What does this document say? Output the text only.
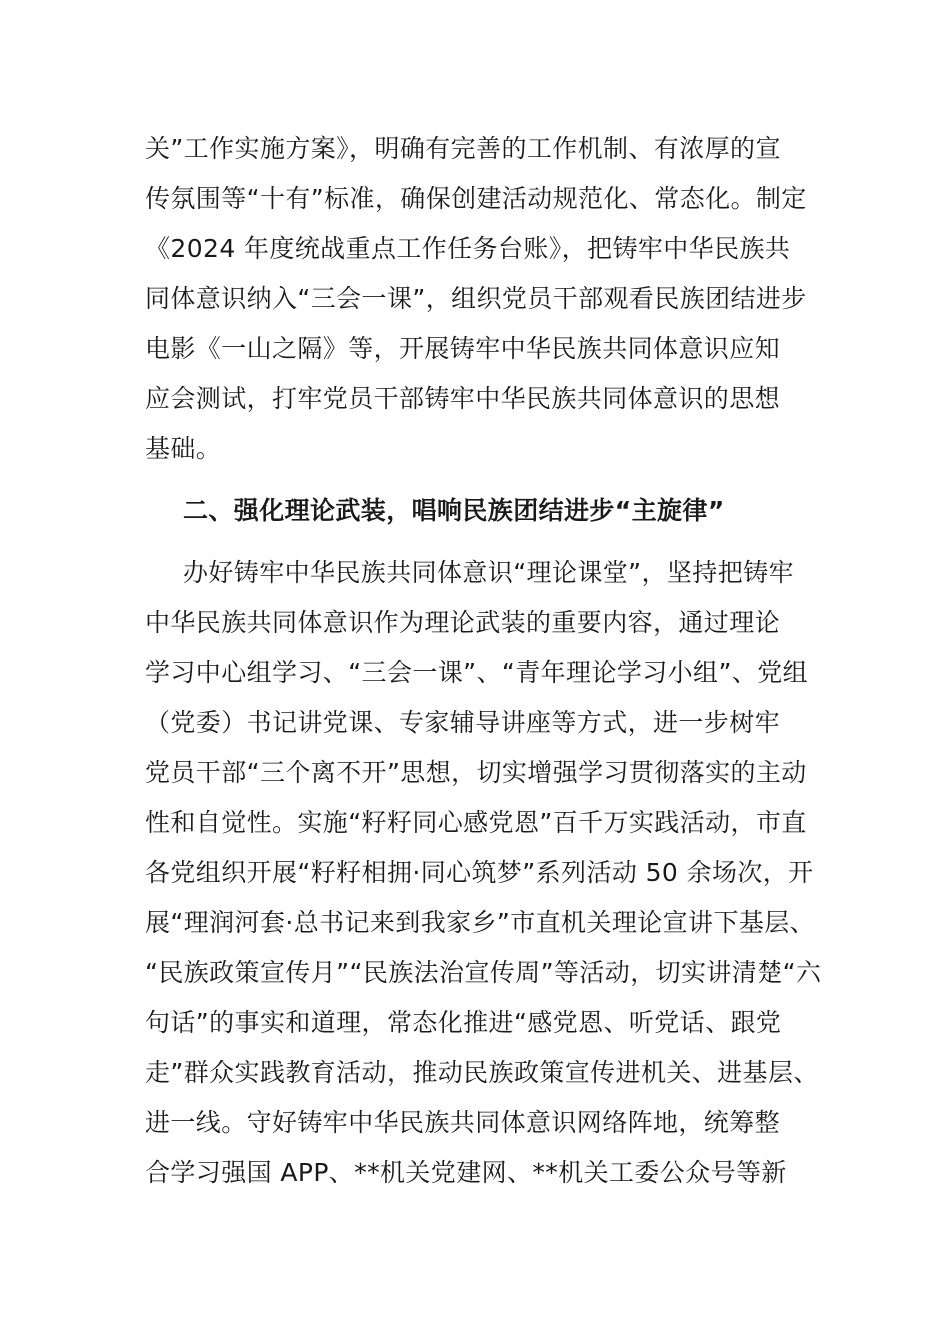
关”工作实施方案》，明确有完善的工作机制、有浓厚的宣
传氛围等“十有”标准，确保创建活动规范化、常态化。制定
《2024 年度统战重点工作任务台账》，把铸牢中华民族共
同体意识纳入“三会一课”，组织党员干部观看民族团结进步
电影《一山之隔》等，开展铸牢中华民族共同体意识应知
应会测试，打牢党员干部铸牢中华民族共同体意识的思想
基础。
二、强化理论武装，唱响民族团结进步“主旋律”
办好铸牢中华民族共同体意识“理论课堂”，坚持把铸牢
中华民族共同体意识作为理论武装的重要内容，通过理论
学习中心组学习、“三会一课”、“青年理论学习小组”、党组
（党委）书记讲党课、专家辅导讲座等方式，进一步树牢
党员干部“三个离不开”思想，切实增强学习贯彻落实的主动
性和自觉性。实施“籽籽同心感党恩”百千万实践活动，市直
各党组织开展“籽籽相拥·同心筑梦”系列活动 50 余场次，开
展“理润河套·总书记来到我家乡”市直机关理论宣讲下基层、
“民族政策宣传月”“民族法治宣传周”等活动，切实讲清楚“六
句话”的事实和道理，常态化推进“感党恩、听党话、跟党
走”群众实践教育活动，推动民族政策宣传进机关、进基层、
进一线。守好铸牢中华民族共同体意识网络阵地，统筹整
合学习强国 APP、**机关党建网、**机关工委公众号等新
